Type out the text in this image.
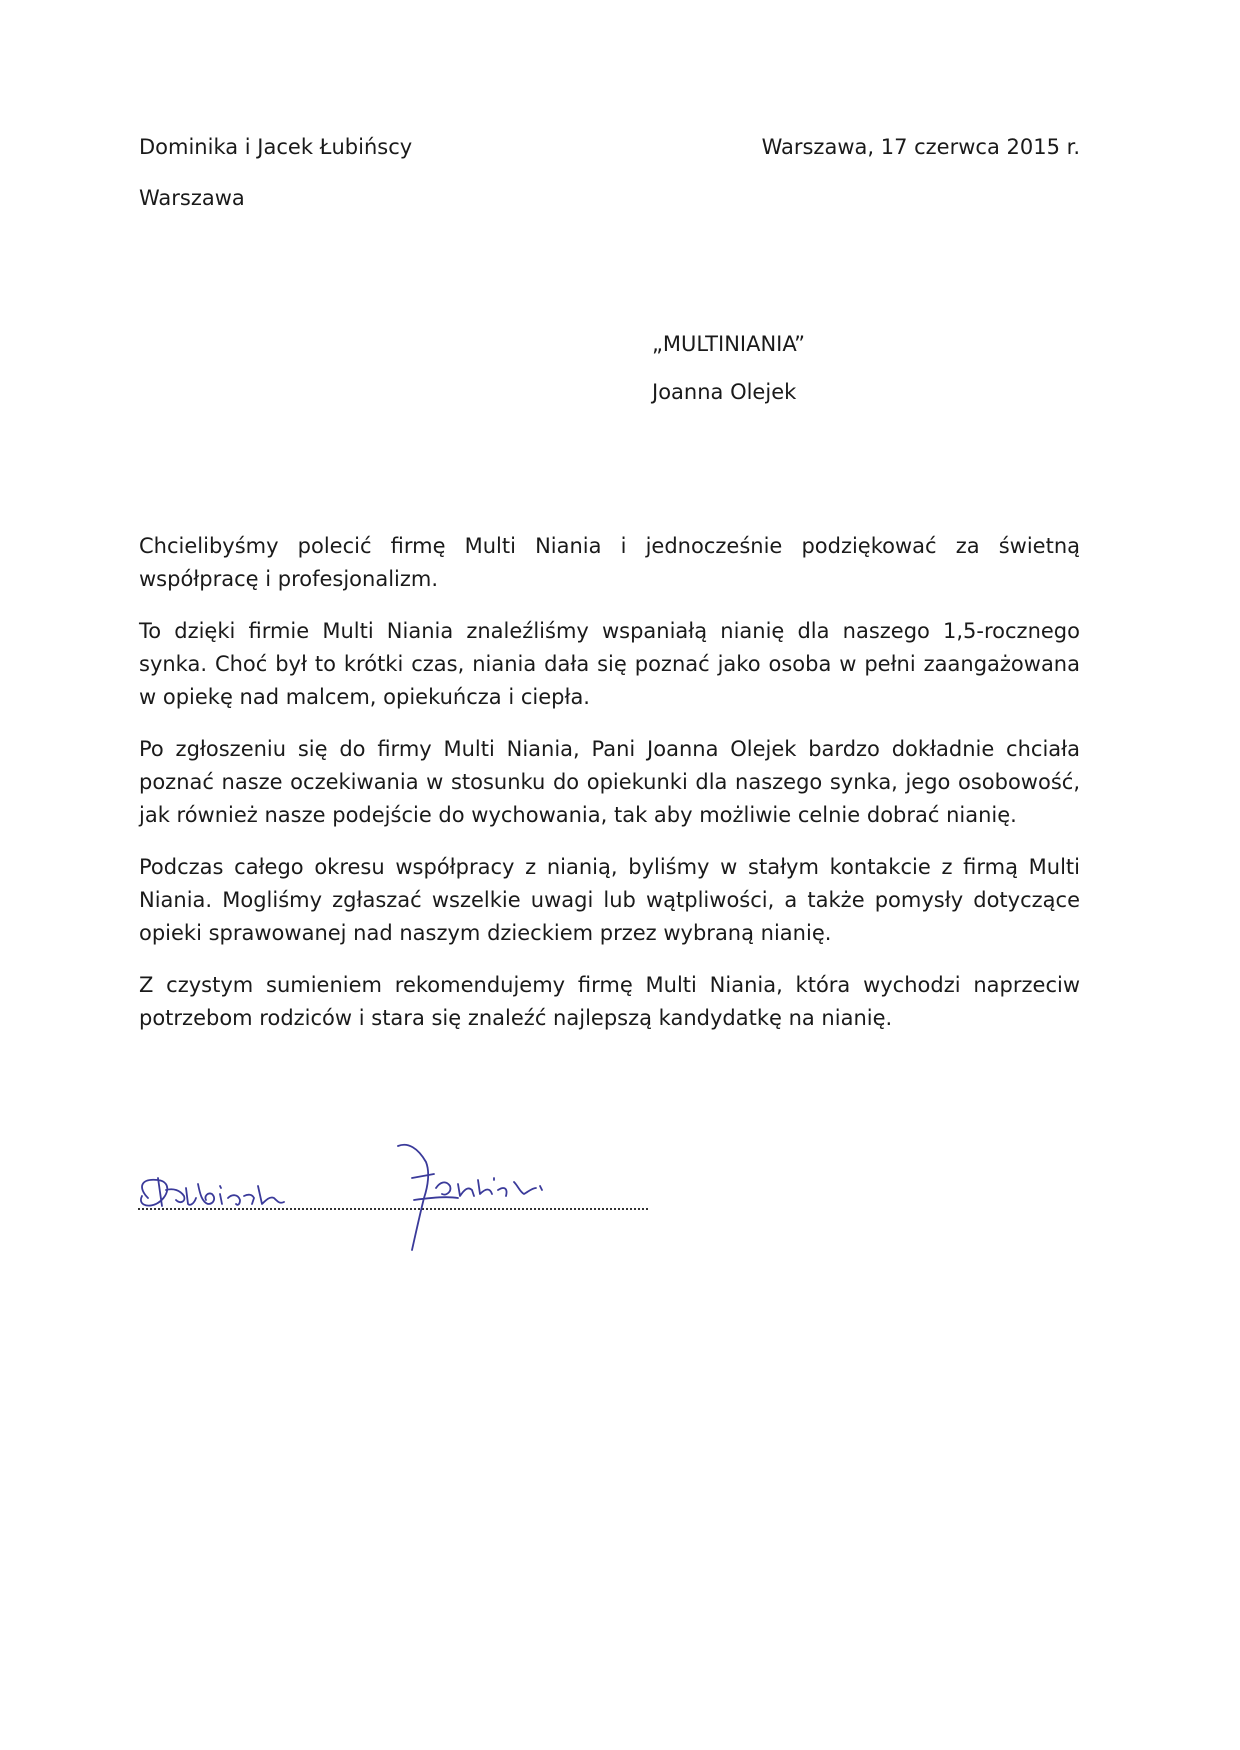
Dominika i Jacek Łubińscy
Warszawa
Warszawa, 17 czerwca 2015 r.
„MULTINIANIA”
Joanna Olejek

Chcielibyśmy polecić firmę Multi Niania i jednocześnie podziękować za świetną współpracę i profesjonalizm.

To dzięki firmie Multi Niania znaleźliśmy wspaniałą nianię dla naszego 1,5-rocznego synka. Choć był to krótki czas, niania dała się poznać jako osoba w pełni zaangażowana w opiekę nad malcem, opiekuńcza i ciepła.

Po zgłoszeniu się do firmy Multi Niania, Pani Joanna Olejek bardzo dokładnie chciała poznać nasze oczekiwania w stosunku do opiekunki dla naszego synka, jego osobowość, jak również nasze podejście do wychowania, tak aby możliwie celnie dobrać nianię.

Podczas całego okresu współpracy z nianią, byliśmy w stałym kontakcie z firmą Multi Niania. Mogliśmy zgłaszać wszelkie uwagi lub wątpliwości, a także pomysły dotyczące opieki sprawowanej nad naszym dzieckiem przez wybraną nianię.

Z czystym sumieniem rekomendujemy firmę Multi Niania, która wychodzi naprzeciw potrzebom rodziców i stara się znaleźć najlepszą kandydatkę na nianię.
